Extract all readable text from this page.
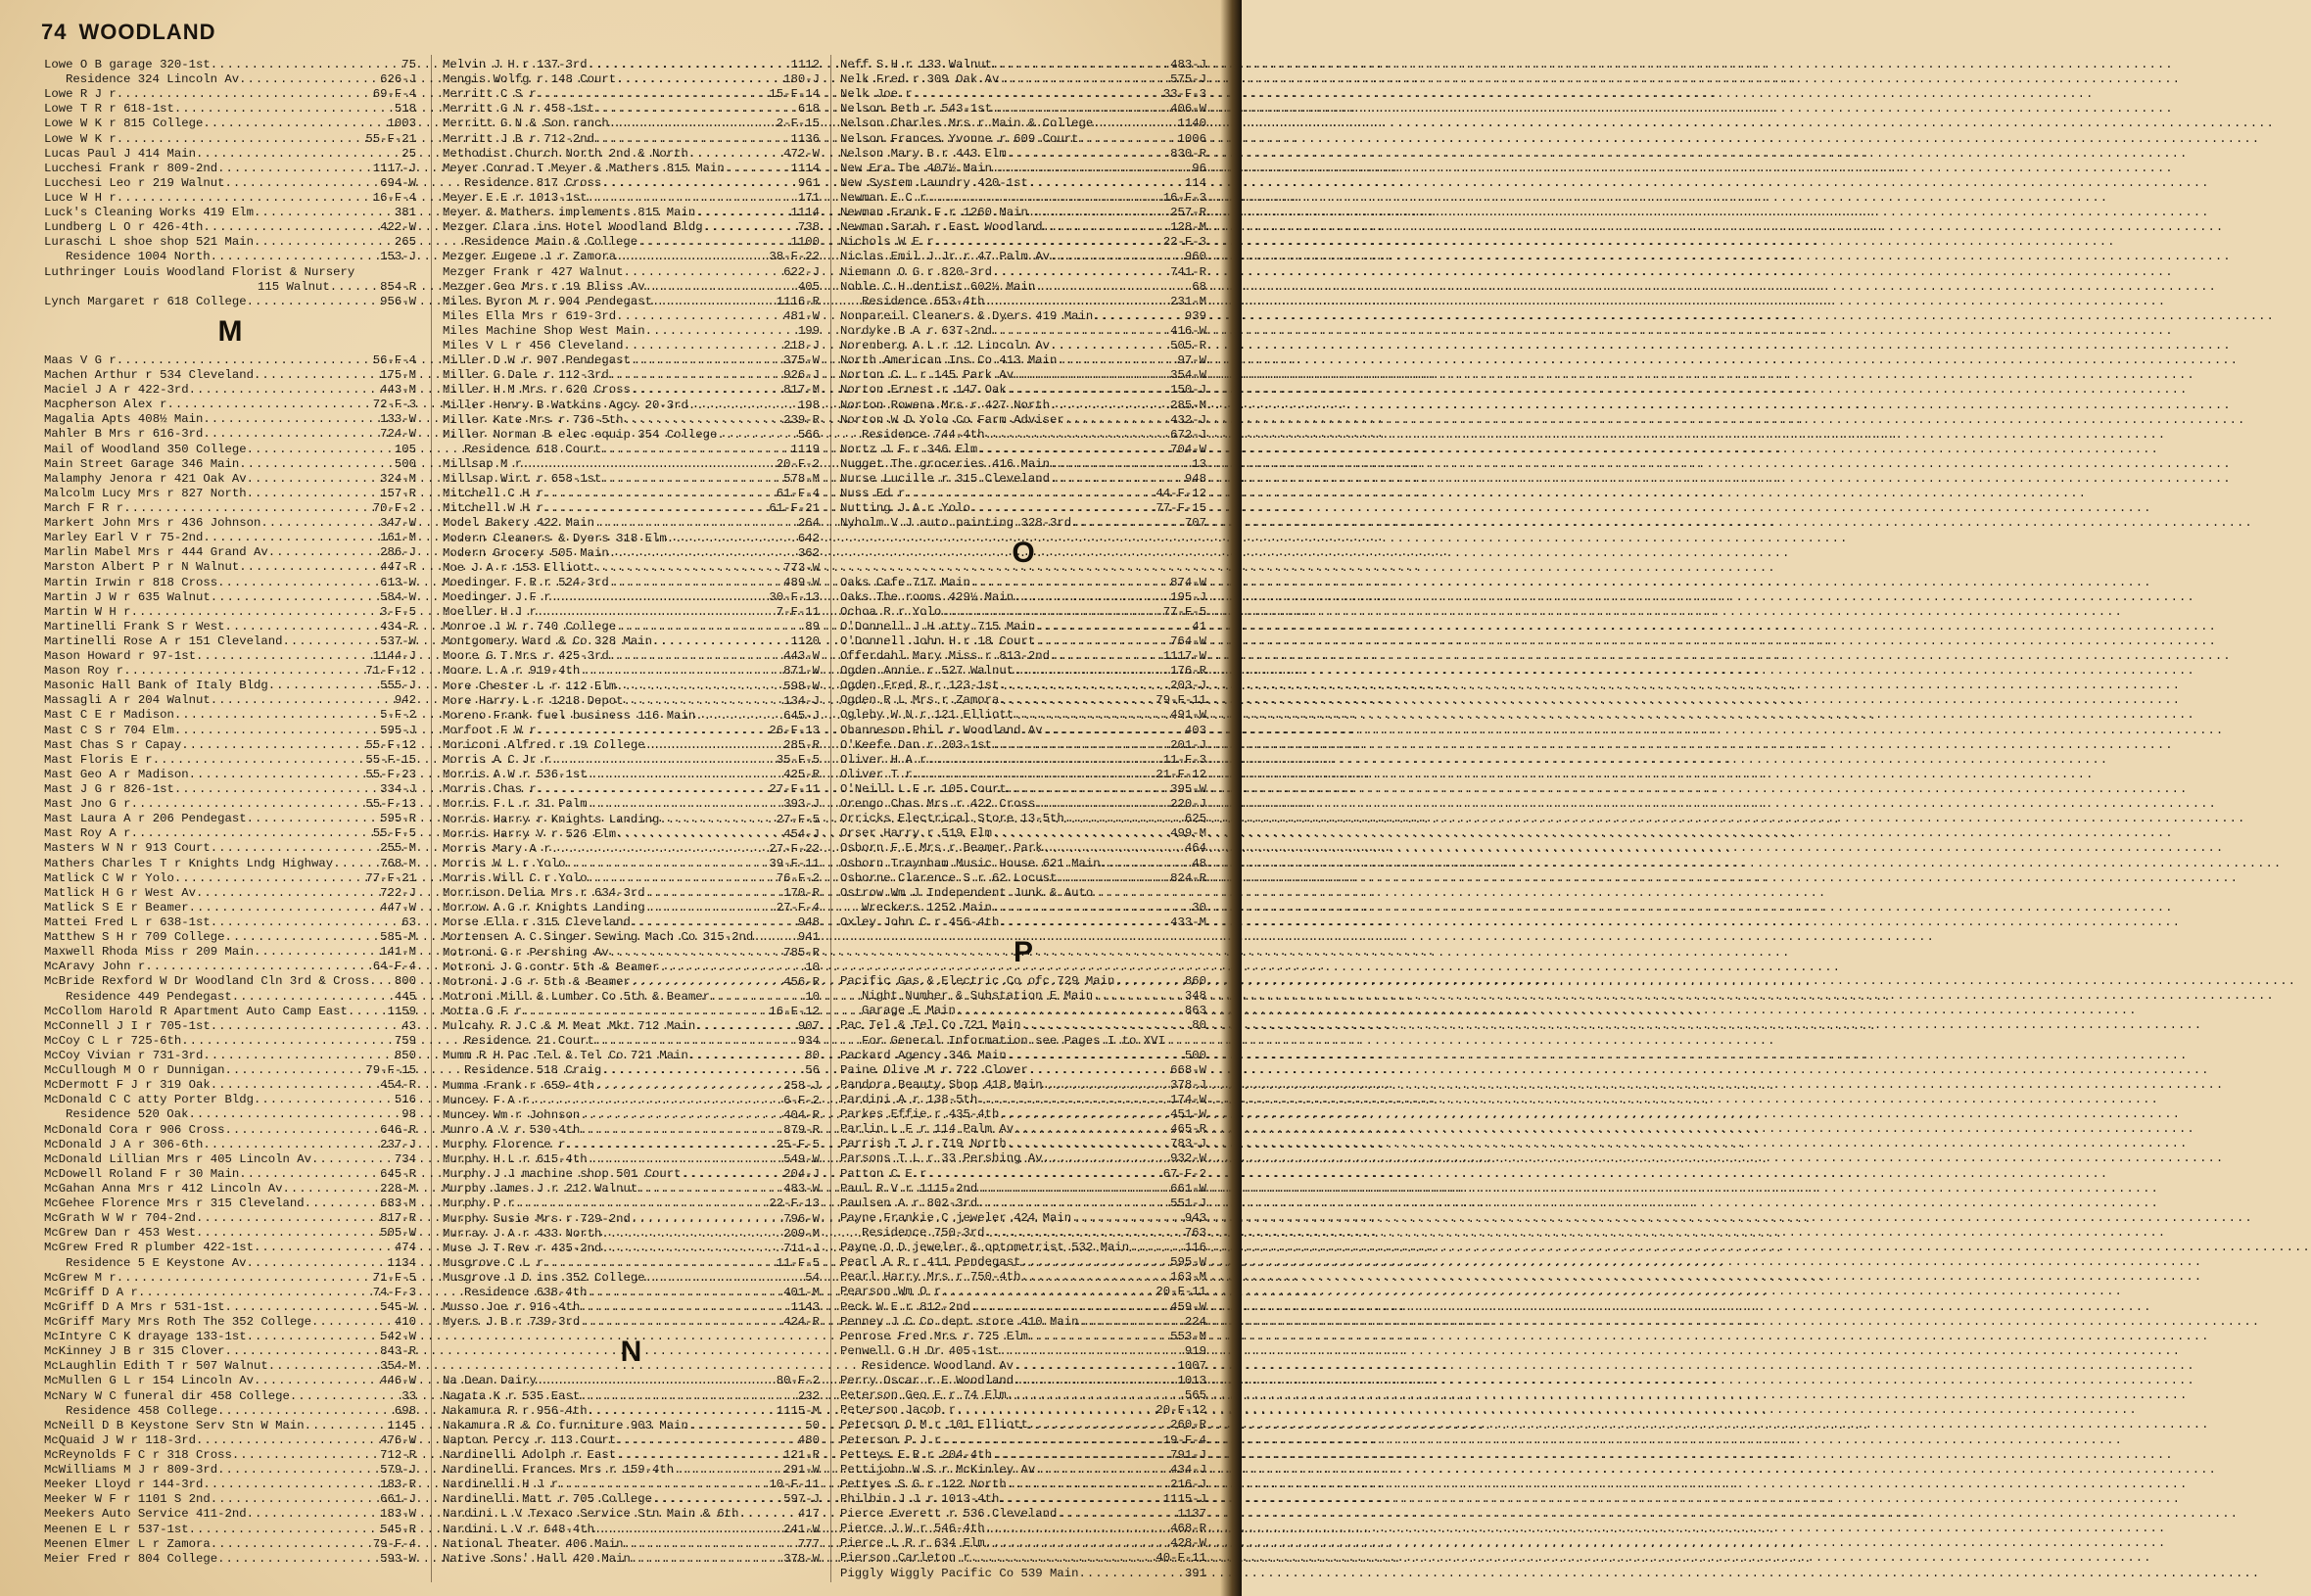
74 WOODLAND
Lowe O B garage 320-1st .....	75
Residence 324 Lincoln Av .....	626-J
Lowe R J r .....	69-F-4
Lowe T R r 618-1st .....	518
Lowe W K r 815 College .....	1003
Lowe W K r .....	55-F-21
Lucas Paul J 414 Main .....	25
Lucchesi Frank r 809-2nd .....	1117-J
Lucchesi Leo r 219 Walnut .....	694-W
Luce W H r .....	16-F-4
Luck's Cleaning Works 419 Elm .....	381
Lundberg L O r 426-4th .....	422-W
Luraschi L shoe shop 521 Main .....	265
Residence 1004 North .....	153-J
Luthringer Louis Woodland Florist & Nursery
115 Walnut .....	854-R
Lynch Margaret r 618 College .....	956-W
M
Maas V G r .....	56-F-4
Machen Arthur r 534 Cleveland .....	175-M
Maciel J A r 422-3rd .....	443-M
Macpherson Alex r .....	72-F-3
Magalia Apts 408½ Main .....	133-W
Mahler B Mrs r 616-3rd .....	724-W
Mail of Woodland 350 College .....	105
Main Street Garage 346 Main .....	500
Malamphy Jenora r 421 Oak Av .....	324-M
Malcolm Lucy Mrs r 827 North .....	157-R
March F R r .....	70-F-2
Markert John Mrs r 436 Johnson .....	347-W
Marley Earl V r 75-2nd .....	161-M
Marlin Mabel Mrs r 444 Grand Av .....	286-J
Marston Albert P r N Walnut .....	447-R
Martin Irwin r 818 Cross .....	613-W
Martin J W r 635 Walnut .....	584-W
Martin W H r .....	3-F-5
Martinelli Frank S r West .....	434-R
Martinelli Rose A r 151 Cleveland .....	537-W
Mason Howard r 97-1st .....	1144-J
Mason Roy r .....	71-F-12
Masonic Hall Bank of Italy Bldg .....	555-J
Massagli A r 204 Walnut .....	942
Mast C E r Madison .....	5-F-2
Mast C S r 704 Elm .....	595-J
Mast Chas S r Capay .....	55-F-12
Mast Floris E r .....	55-F-15
Mast Geo A r Madison .....	55-F-23
Mast J G r 826-1st .....	334-J
Mast Jno G r .....	55-F-13
Mast Laura A r 206 Pendegast .....	595-R
Mast Roy A r .....	55-F-5
Masters W N r 913 Court .....	255-M
Mathers Charles T r Knights Lndg Highway .....	768-M
Matlick C W r Yolo .....	77-F-21
Matlick H G r West Av .....	722-J
Matlick S E r Beamer .....	447-W
Mattei Fred L r 638-1st .....	63
Matthew S H r 709 College .....	585-M
Maxwell Rhoda Miss r 209 Main .....	141-M
McAravy John r .....	64-F-4
McBride Rexford W Dr Woodland Cln 3rd & Cross ..... 800
Residence 449 Pendegast .....	445
McCollom Harold R Apartment Auto Camp East .....	1159
McConnell J I r 705-1st .....	43
McCoy C L r 725-6th .....	759
McCoy Vivian r 731-3rd .....	850
McCullough M O r Dunnigan .....	79-F-15
McDermott F J r 319 Oak .....	454-R
McDonald C C atty Porter Bldg .....	516
Residence 520 Oak .....	98
McDonald Cora r 906 Cross .....	646-R
McDonald J A r 306-6th .....	237-J
McDonald Lillian Mrs r 405 Lincoln Av .....	734
McDowell Roland F r 30 Main .....	645-R
McGahan Anna Mrs r 412 Lincoln Av .....	228-M
McGehee Florence Mrs r 315 Cleveland .....	683-M
McGrath W W r 704-2nd .....	817-R
McGrew Dan r 453 West .....	505-W
McGrew Fred R plumber 422-1st .....	474
Residence 5 E Keystone Av .....	1134
McGrew M r .....	71-F-5
McGriff D A r .....	74-F-3
McGriff D A Mrs r 531-1st .....	545-W
McGriff Mary Mrs Roth The 352 College .....	410
McIntyre C K drayage 133-1st .....	542-W
McKinney J B r 315 Clover .....	843-R
McLaughlin Edith T r 507 Walnut .....	354-M
McMullen G L r 154 Lincoln Av .....	446-W
McNary W C funeral dir 458 College .....	33
Residence 458 College .....	698
McNeill D B Keystone Serv Stn W Main .....	1145
McQuaid J W r 118-3rd .....	476-W
McReynolds F C r 318 Cross .....	712-R
McWilliams M J r 809-3rd .....	579-J
Meeker Lloyd r 144-3rd .....	183-R
Meeker W F r 1101 S 2nd .....	661-J
Meekers Auto Service 411-2nd .....	183-W
Meenen E L r 537-1st .....	545-R
Meenen Elmer L r Zamora .....	79-F-4
Meier Fred r 804 College .....	593-W
Melvin J H r 137-3rd .....	1112
Mengis Wolfg r 148 Court .....	180-J
Merritt C S r .....	15-F-14
Merritt G N r 458-1st .....	618
Merritt G N & Son ranch .....	2-F-15
Merritt J B r 712-2nd .....	1136
Methodist Church North 2nd & North .....	472-W
Meyer Conrad T Meyer & Mathers 815 Main .....	1114
Residence 817 Cross .....	961
Meyer E E r 1013-1st .....	171
Meyer & Mathers implements 815 Main .....	1114
Mezger Clara ins Hotel Woodland Bldg .....	738
Residence Main & College .....	1100
Mezger Eugene J r Zamora .....	38-F-22
Mezger Frank r 427 Walnut .....	622-J
Mezger Geo Mrs r 19 Bliss Av .....	405
Miles Byron M r 904 Pendegast .....	1116-R
Miles Ella Mrs r 619-3rd .....	481-W
Miles Machine Shop West Main .....	199
Miles V L r 456 Cleveland .....	218-J
Miller D W r 907 Pendegast .....	375-W
Miller G Dale r 112-3rd .....	926-J
Miller H M Mrs r 620 Cross .....	817-M
Miller Henry B Watkins Agcy 20-3rd .....	198
Miller Kate Mrs r 736-5th .....	239-R
Miller Norman B elec equip 354 College .....	566
Residence 618 Court .....	1119
Millsap M r .....	20-F-2
Millsap Wirt r 658-1st .....	578-M
Mitchell C H r .....	61-F-4
Mitchell W H r .....	61-F-21
Model Bakery 422 Main .....	264
Modern Cleaners & Dyers 318 Elm .....	642
Modern Grocery 505 Main .....	362
Moe J A r 153 Elliott .....	773-W
Moedinger F R r 524-3rd .....	489-W
Moedinger J F r .....	30-F-13
Moeller H J r .....	7-F-11
Monroe J W r 740 College .....	89
Montgomery Ward & Co 328 Main .....	1120
Moore G T Mrs r 425-3rd .....	443-W
Moore L A r 919-4th .....	871-W
More Chester L r 112 Elm .....	598-W
More Harry L r 1218 Depot .....	134-J
Moreno Frank fuel business 116 Main .....	645-J
Morfoot F W r .....	26-F-13
Moriconi Alfred r 19 College .....	285-R
Morris A C Jr r .....	35-F-5
Morris A W r 536-1st .....	425-R
Morris Chas r .....	27-F-11
Morris F L r 31 Palm .....	393-J
Morris Harry r Knights Landing .....	27-F-5
Morris Harry V r 526 Elm .....	454-J
Morris Mary A r .....	27-F-22
Morris W L r Yolo .....	39-F-11
Morris Will C r Yolo .....	76-F-2
Morrison Delia Mrs r 634-3rd .....	170-R
Morrow A G r Knights Landing .....	27-F-4
Morse Ella r 315 Cleveland .....	948
Mortensen A C Singer Sewing Mach Co 315-2nd .....	941
Motroni G r Pershing Av .....	785-R
Motroni J G contr 5th & Beamer .....	10
Motroni J G r 5th & Beamer .....	456-R
Motroni Mill & Lumber Co 5th & Beamer .....	10
Motta G F r .....	16-F-12
Mulcahy R J C & M Meat Mkt 712 Main .....	907
Residence 21 Court .....	934
Mumm R H Pac Tel & Tel Co 721 Main .....	80
Residence 518 Craig .....	56
Mumma Frank r 659-4th .....	258-J
Muncey F A r .....	6-F-2
Muncey Wm r Johnson .....	404-R
Munro A V r 530-4th .....	879-R
Murphy Florence r .....	25-F-5
Murphy H L r 615-4th .....	549-W
Murphy J J machine shop 501 Court .....	204-J
Murphy James J r 212 Walnut .....	483-W
Murphy P r .....	22-F-13
Murphy Susie Mrs r 729-2nd .....	796-W
Murray J A r 433 North .....	209-M
Muse J T Rev r 435-2nd .....	711-J
Musgrove C L r .....	11-F-5
Musgrove J D ins 352 College .....	54
Residence 638-4th .....	401-M
Musso Joe r 916-4th .....	1143
Myers J B r 739-3rd .....	424-R
N
Na Dean Dairy .....	80-F-2
Nagata K r 535 East .....	232
Nakamura R r 956-4th .....	1115-M
Nakamura R & Co furniture 903 Main .....	50
Napton Percy r 113 Court .....	480
Nardinelli Adolph r East .....	121-R
Nardinelli Frances Mrs r 159-4th .....	291-W
Nardinelli H J r .....	10-F-11
Nardinelli Matt r 705 College .....	597-J
Nardini L V Texaco Service Stn Main & 6th .....	417
Nardini L V r 648-4th .....	241-W
National Theater 406 Main .....	777
Native Sons' Hall 420 Main .....	378-W
Neff S H r 133 Walnut .....	483-J
Nelk Fred r 309 Oak Av .....	575-J
Nelk Joe r .....	33-F-3
Nelson Beth r 543-1st .....	406-W
Nelson Charles Mrs r Main & College .....	1140
Nelson Frances Yvonne r 609 Court .....	1006
Nelson Mary B r 443 Elm .....	830-R
New Era The 407½ Main .....	96
New System Laundry 420-1st .....	114
Newman E C r .....	16-F-3
Newman Frank F r 1260 Main .....	257-R
Newman Sarah r East Woodland .....	128-M
Nichols W E r .....	22-F-3
Niclas Emil J Jr r 47 Palm Av .....	960
Niemann O G r 820-3rd .....	741-R
Noble C H dentist 602½ Main .....	68
Residence 653-4th .....	231-M
Nonpareil Cleaners & Dyers 419 Main .....	939
Nordyke B A r 637-2nd .....	416-W
Norenberg A L r 12 Lincoln Av .....	505-R
North American Ins Co 413 Main .....	97-W
Norton C L r 145 Park Av .....	354-W
Norton Ernest r 147 Oak .....	150-J
Norton Rowena Mrs r 427 North .....	285-M
Norton W D Yolo Co Farm Adviser .....	432-J
Residence 744-4th .....	672-J
Nortz J F r 346 Elm .....	704-W
Nugget The groceries 416 Main .....	13
Nurse Lucille r 315 Cleveland .....	948
Nuss Ed r .....	44-F-12
Nutting J A r Yolo .....	77-F-15
Nyholm V J auto painting 328-3rd .....	707
O
Oaks Cafe 717 Main .....	874-W
Oaks The rooms 429½ Main .....	195-J
Ochoa R r Yolo .....	77-F-5
O'Donnell J H atty 715 Main .....	41
O'Donnell John H r 18 Court .....	764-W
Offerdahl Mary Miss r 813-2nd .....	1117-W
Ogden Annie r 527 Walnut .....	176-R
Ogden Fred R r 123-1st .....	203-J
Ogden R L Mrs r Zamora .....	79-F-11
Ogleby W N r 121 Elliott .....	491-W
Ohanneson Phil r Woodland Av .....	403
O'Keefe Dan r 203-1st .....	201-J
Oliver H A r .....	11-F-3
Oliver T r .....	21-F-12
O'Neill L F r 105 Court .....	395-W
Orengo Chas Mrs r 422 Cross .....	220-J
Orricks Electrical Store 13-5th .....	625
Orser Harry r 519 Elm .....	499-M
Osborn F E Mrs r Beamer Park .....	464
Osborn Traynham Music House 621 Main .....	48
Osborne Clarence S r 62 Locust .....	824-R
Ostrow Wm J Independent Junk & Auto
Wreckers 1252 Main .....	30
Oxley John C r 456-4th .....	433-M
P
Pacific Gas & Electric Co ofc 729 Main .....	860
Night Number & Substation E Main .....	348
Garage E Main .....	863
Pac Tel & Tel Co 721 Main .....	80
For General Information see Pages I to XVI
Packard Agency 346 Main .....	500
Paine Olive M r 722 Clover .....	668-W
Pandora Beauty Shop 418 Main .....	378-J
Pardini A r 138-5th .....	174-W
Parkes Effie r 435-4th .....	451-W
Parlin L F r 114 Palm Av .....	465-R
Parrish T J r 719 North .....	783-J
Parsons T L r 33 Pershing Av .....	932-W
Patton C E r .....	67-F-2
Paul R V r 1115-2nd .....	661-W
Paulsen A r 802-3rd .....	551-J
Payne Frankie C jeweler 424 Main .....	943
Residence 750-3rd .....	763
Payne O D jeweler & optometrist 532 Main .....	116
Pearl A R r 411 Pendegast .....	595-W
Pearl Harry Mrs r 750-4th .....	163-M
Pearson Wm O r .....	20-F-11
Peck W E r 812-2nd .....	459-W
Penney J C Co dept store 410 Main .....	224
Penrose Fred Mrs r 725 Elm .....	553-M
Penwell G H Dr 405-1st .....	919
Residence Woodland Av .....	1007
Perry Oscar r E Woodland .....	1013
Peterson Geo E r 74 Elm .....	565
Peterson Jacob r .....	20-F-12
Peterson O M r 101 Elliott .....	260-R
Peterson P J r .....	19-F-4
Petteys E R r 204-4th .....	791-J
Pettijohn W S r McKinley Av .....	434-J
Pettyes S G r 122 North .....	216-J
Philbin J J r 1013-4th .....	1115-J
Pierce Everett r 536 Cleveland .....	1137
Pierce J W r 546-4th .....	468-R
Pierce L R r 634 Elm .....	428-W
Pierson Carleton r .....	40-F-11
Piggly Wiggly Pacific Co 539 Main .....	391
